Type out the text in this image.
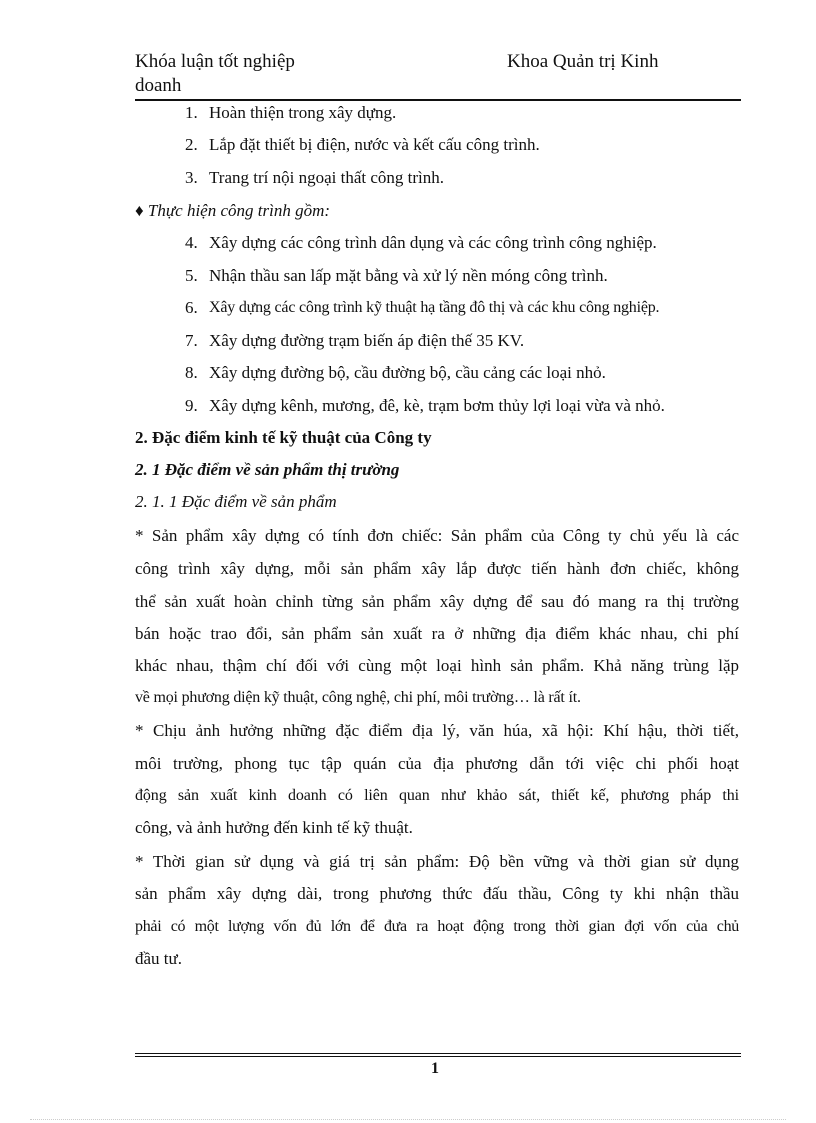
Khóa luận tốt nghiệp
doanh
Khoa Quản trị Kinh
1. Hoàn thiện trong xây dựng.
2. Lắp đặt thiết bị điện, nước và kết cấu công trình.
3. Trang trí nội ngoại thất công trình.
♦ Thực hiện công trình gồm:
4. Xây dựng các công trình dân dụng và các công trình công nghiệp.
5. Nhận thầu san lấp mặt bằng và xử lý nền móng công trình.
6. Xây dựng các công trình kỹ thuật hạ tầng đô thị và các khu công nghiệp.
7. Xây dựng đường trạm biến áp điện thế 35 KV.
8. Xây dựng đường bộ, cầu đường bộ, cầu cảng các loại nhỏ.
9. Xây dựng kênh, mương, đê, kè, trạm bơm thủy lợi loại vừa và nhỏ.
2. Đặc điểm kinh tế kỹ thuật của Công ty
2. 1 Đặc điểm về sản phẩm thị trường
2. 1. 1 Đặc điểm về sản phẩm
* Sản phẩm xây dựng có tính đơn chiếc: Sản phẩm của Công ty chủ yếu là các
công trình xây dựng, mỗi sản phẩm xây lắp được tiến hành đơn chiếc, không
thể sản xuất hoàn chỉnh từng sản phẩm xây dựng để sau đó mang ra thị trường
bán hoặc trao đổi, sản phẩm sản xuất ra ở những địa điểm khác nhau, chi phí
khác nhau, thậm chí đối với cùng một loại hình sản phẩm. Khả năng trùng lặp
về mọi phương diện kỹ thuật, công nghệ, chi phí, môi trường… là rất ít.
* Chịu ảnh hưởng những đặc điểm địa lý, văn húa, xã hội: Khí hậu, thời tiết,
môi trường, phong tục tập quán của địa phương dẫn tới việc chi phối hoạt
động sản xuất kinh doanh có liên quan như khảo sát, thiết kế, phương pháp thi
công, và ảnh hưởng đến kinh tế kỹ thuật.
* Thời gian sử dụng và giá trị sản phẩm: Độ bền vững và thời gian sử dụng
sản phẩm xây dựng dài, trong phương thức đấu thầu, Công ty khi nhận thầu
phải có một lượng vốn đủ lớn để đưa ra hoạt động trong thời gian đợi vốn của chủ
đầu tư.
1
